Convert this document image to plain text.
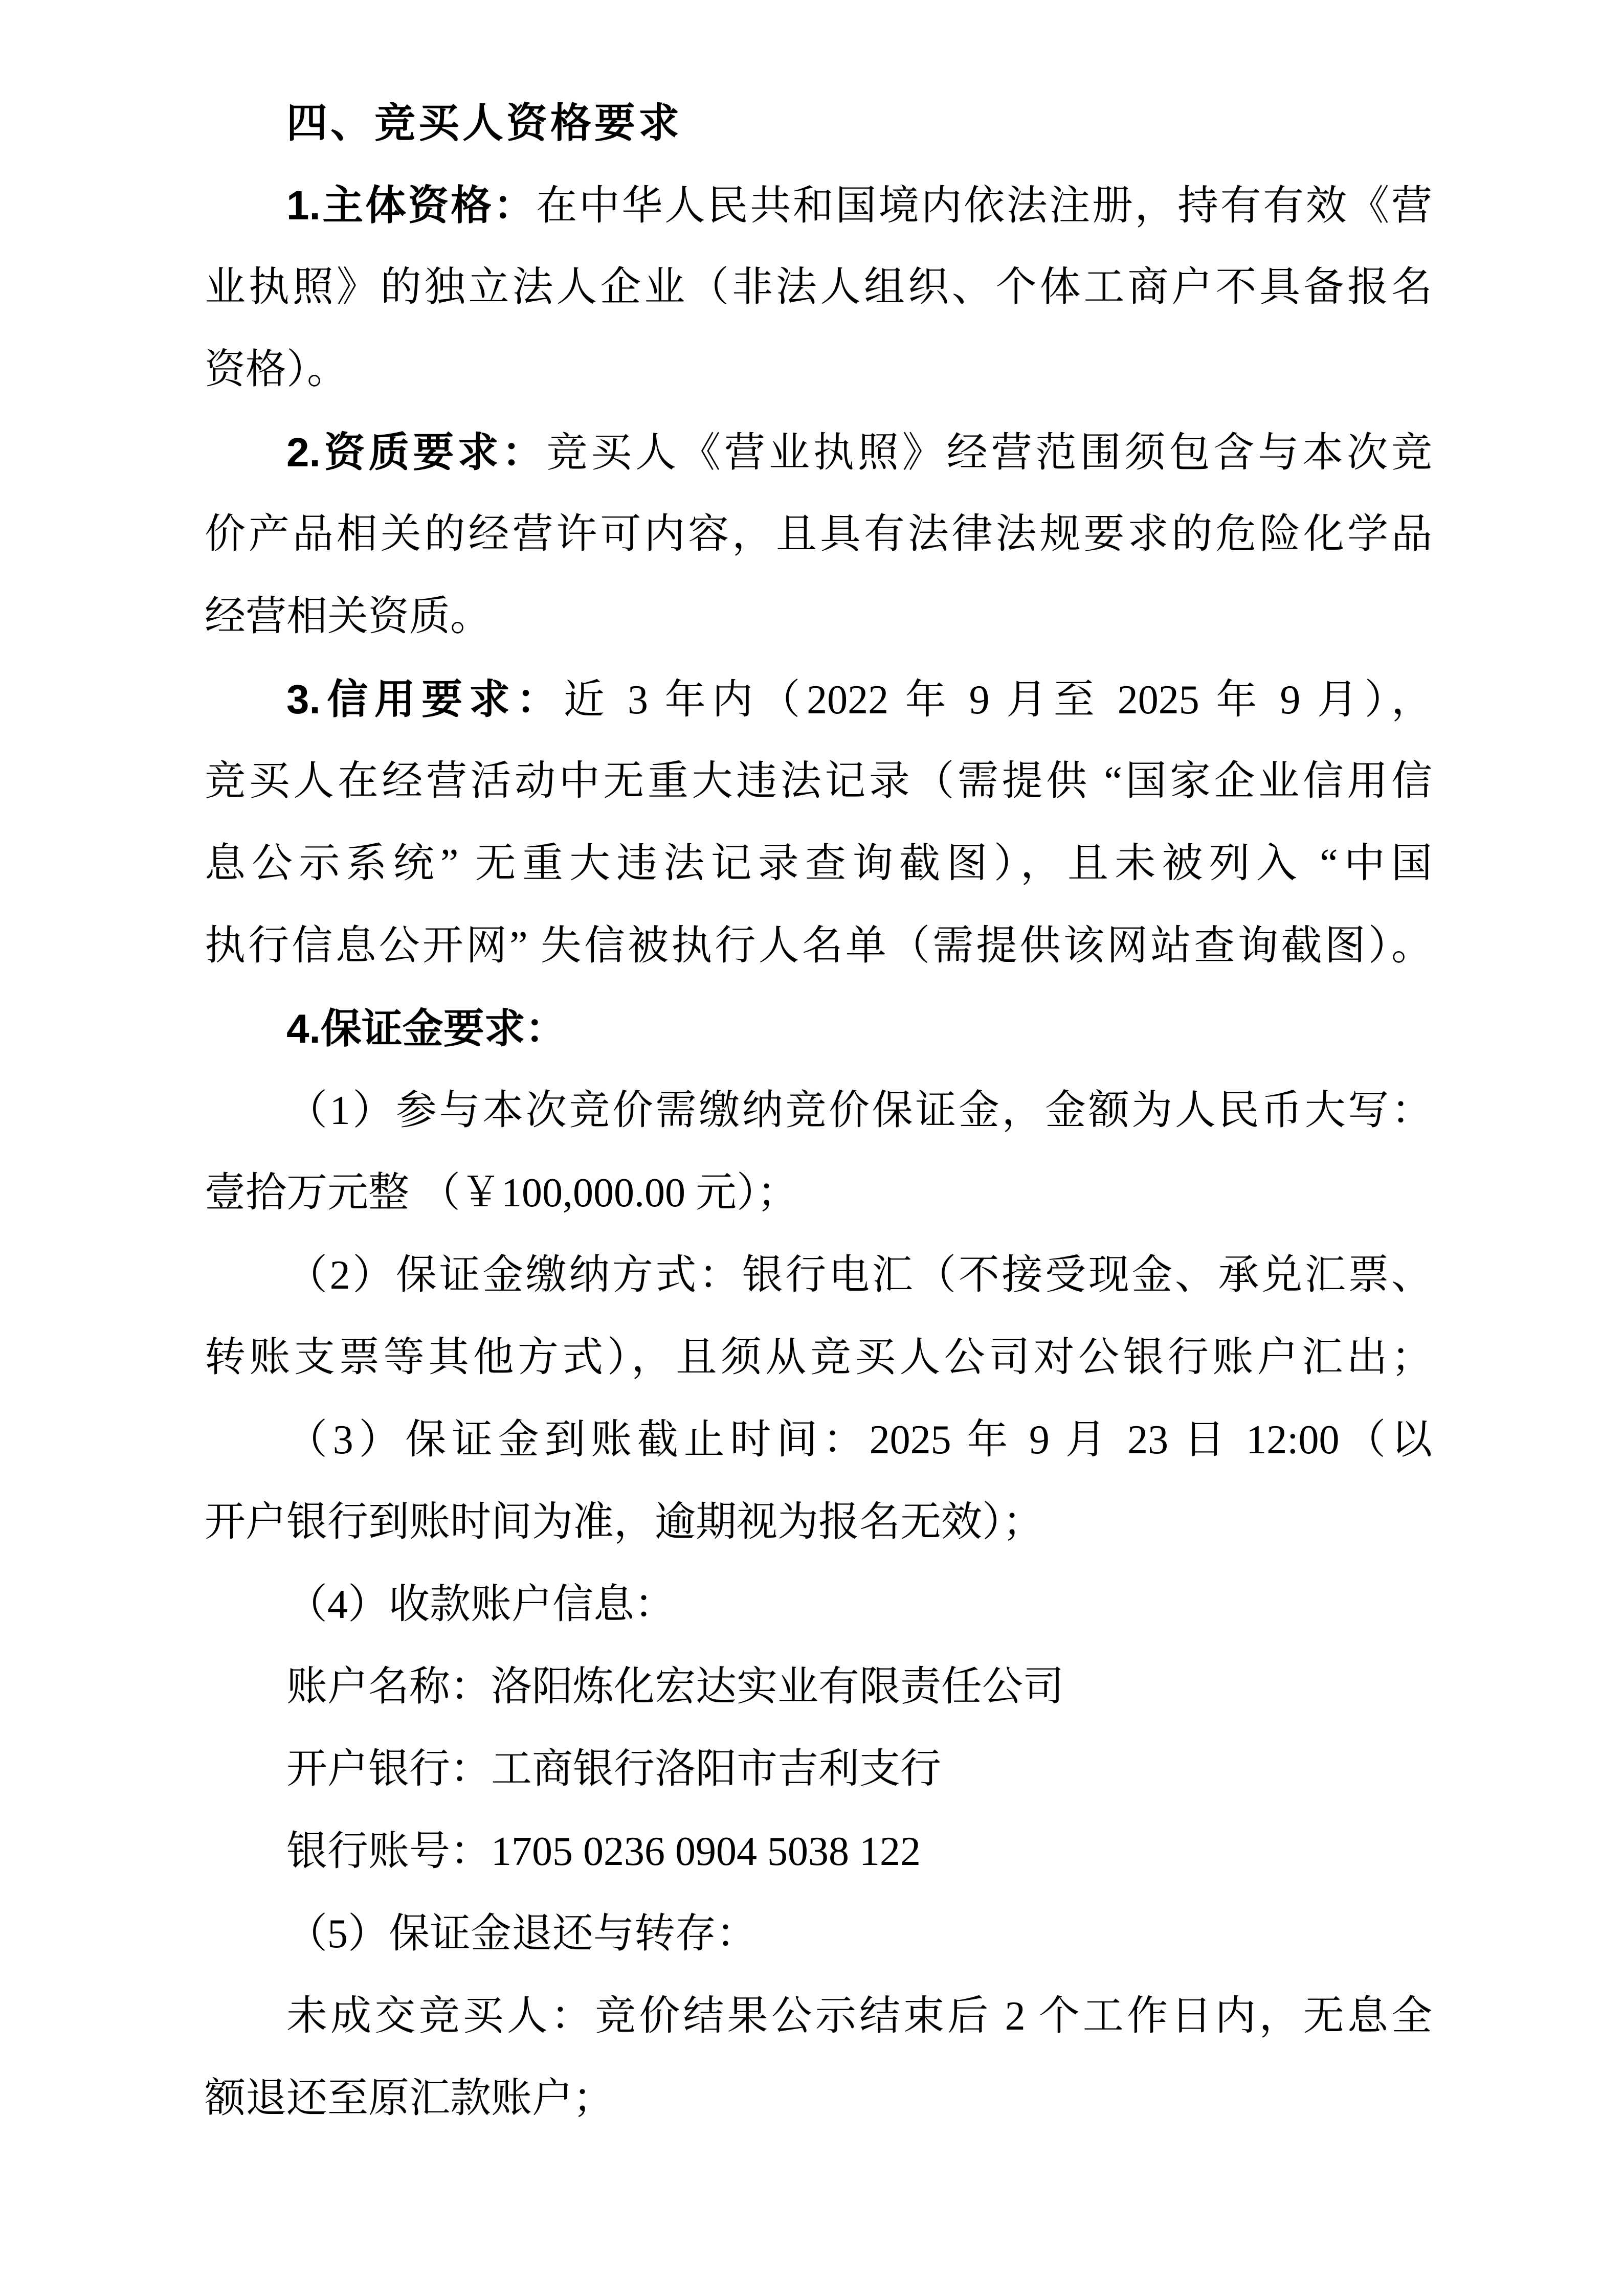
四、竞买人资格要求
1.主体资格：在中华人民共和国境内依法注册，持有有效《营
业执照》的独立法人企业（非法人组织、个体工商户不具备报名
资格）。
2.资质要求：竞买人《营业执照》经营范围须包含与本次竞
价产品相关的经营许可内容，且具有法律法规要求的危险化学品
经营相关资质。
3.信用要求：近 3 年内（2022 年 9 月至 2025 年 9 月），
竞买人在经营活动中无重大违法记录（需提供 “国家企业信用信
息公示系统” 无重大违法记录查询截图），且未被列入 “中国
执行信息公开网” 失信被执行人名单（需提供该网站查询截图）。
4.保证金要求：
（1）参与本次竞价需缴纳竞价保证金，金额为人民币大写：
壹拾万元整 （￥100,000.00 元）；
（2）保证金缴纳方式：银行电汇（不接受现金、承兑汇票、
转账支票等其他方式），且须从竞买人公司对公银行账户汇出；
（3）保证金到账截止时间：2025 年 9 月 23 日 12:00（以
开户银行到账时间为准，逾期视为报名无效）；
（4）收款账户信息：
账户名称：洛阳炼化宏达实业有限责任公司
开户银行：工商银行洛阳市吉利支行
银行账号：1705 0236 0904 5038 122
（5）保证金退还与转存：
未成交竞买人：竞价结果公示结束后 2 个工作日内，无息全
额退还至原汇款账户；
